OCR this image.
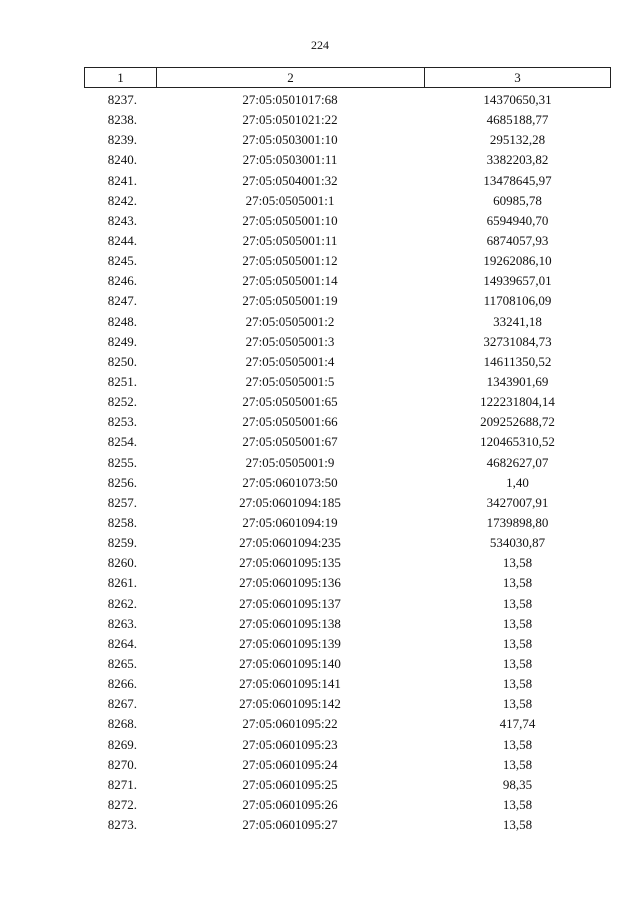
224
1	2	3
8237.	27:05:0501017:68	14370650,31
8238.	27:05:0501021:22	4685188,77
8239.	27:05:0503001:10	295132,28
8240.	27:05:0503001:11	3382203,82
8241.	27:05:0504001:32	13478645,97
8242.	27:05:0505001:1	60985,78
8243.	27:05:0505001:10	6594940,70
8244.	27:05:0505001:11	6874057,93
8245.	27:05:0505001:12	19262086,10
8246.	27:05:0505001:14	14939657,01
8247.	27:05:0505001:19	11708106,09
8248.	27:05:0505001:2	33241,18
8249.	27:05:0505001:3	32731084,73
8250.	27:05:0505001:4	14611350,52
8251.	27:05:0505001:5	1343901,69
8252.	27:05:0505001:65	122231804,14
8253.	27:05:0505001:66	209252688,72
8254.	27:05:0505001:67	120465310,52
8255.	27:05:0505001:9	4682627,07
8256.	27:05:0601073:50	1,40
8257.	27:05:0601094:185	3427007,91
8258.	27:05:0601094:19	1739898,80
8259.	27:05:0601094:235	534030,87
8260.	27:05:0601095:135	13,58
8261.	27:05:0601095:136	13,58
8262.	27:05:0601095:137	13,58
8263.	27:05:0601095:138	13,58
8264.	27:05:0601095:139	13,58
8265.	27:05:0601095:140	13,58
8266.	27:05:0601095:141	13,58
8267.	27:05:0601095:142	13,58
8268.	27:05:0601095:22	417,74
8269.	27:05:0601095:23	13,58
8270.	27:05:0601095:24	13,58
8271.	27:05:0601095:25	98,35
8272.	27:05:0601095:26	13,58
8273.	27:05:0601095:27	13,58
